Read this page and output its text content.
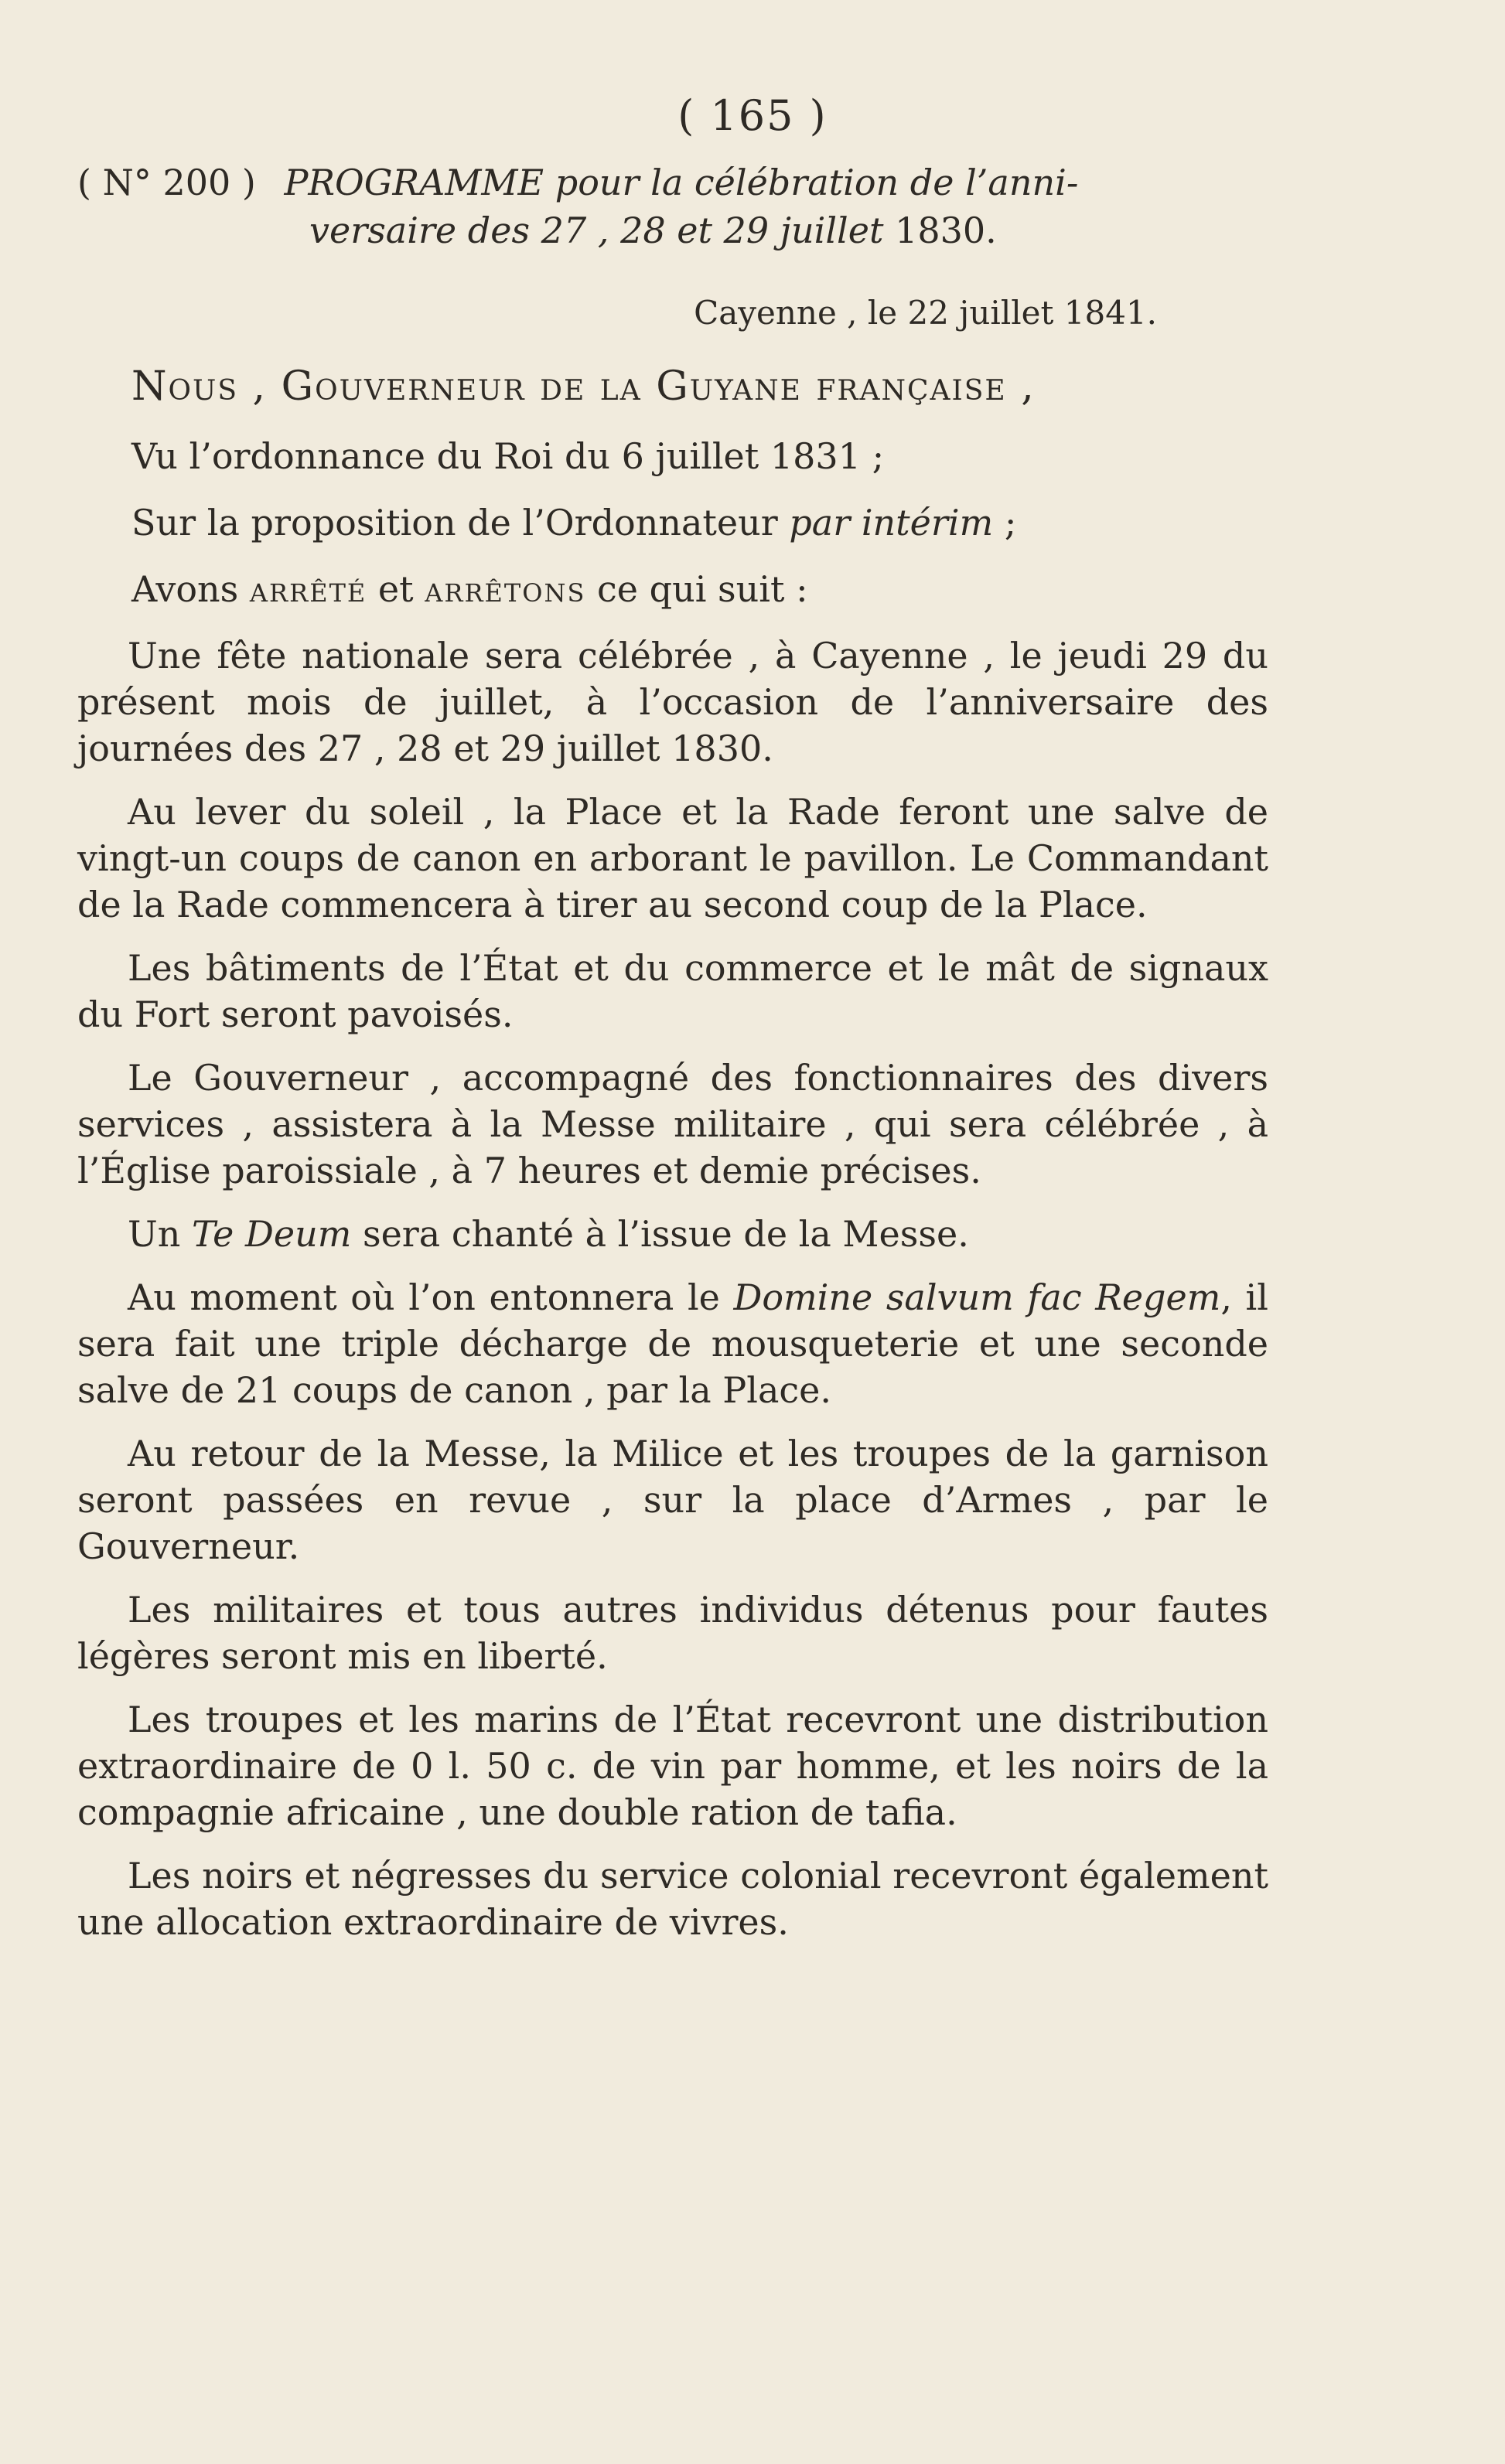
( 165 )
( N° 200 ) PROGRAMME pour la célébration de l’anni-
versaire des 27 , 28 et 29 juillet 1830.
Cayenne , le 22 juillet 1841.

Nous , Gouverneur de la Guyane française ,

Vu l’ordonnance du Roi du 6 juillet 1831 ;

Sur la proposition de l’Ordonnateur par intérim ;

Avons arrêté et arrêtons ce qui suit :

Une fête nationale sera célébrée , à Cayenne , le jeudi 29 du présent mois de juillet, à l’occasion de l’anniversaire des journées des 27 , 28 et 29 juillet 1830.

Au lever du soleil , la Place et la Rade feront une salve de vingt-un coups de canon en arborant le pavillon. Le Commandant de la Rade commencera à tirer au second coup de la Place.

Les bâtiments de l’État et du commerce et le mât de signaux du Fort seront pavoisés.

Le Gouverneur , accompagné des fonctionnaires des divers services , assistera à la Messe militaire , qui sera célébrée , à l’Église paroissiale , à 7 heures et demie précises.

Un Te Deum sera chanté à l’issue de la Messe.

Au moment où l’on entonnera le Domine salvum fac Regem, il sera fait une triple décharge de mousqueterie et une seconde salve de 21 coups de canon , par la Place.

Au retour de la Messe, la Milice et les troupes de la garnison seront passées en revue , sur la place d’Armes , par le Gouverneur.

Les militaires et tous autres individus détenus pour fautes légères seront mis en liberté.

Les troupes et les marins de l’État recevront une distribution extraordinaire de 0 l. 50 c. de vin par homme, et les noirs de la compagnie africaine , une double ration de tafia.

Les noirs et négresses du service colonial recevront également une allocation extraordinaire de vivres.
